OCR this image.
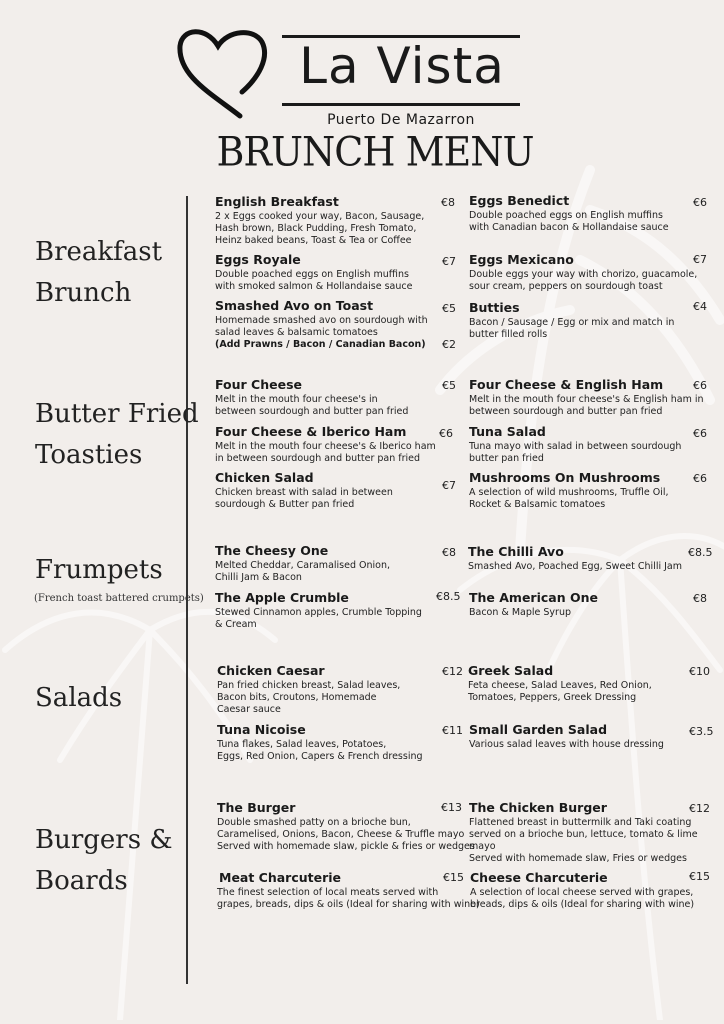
La Vista
Puerto De Mazarron
BRUNCH MENU
Breakfast
Brunch
Butter Fried
Toasties
Frumpets
(French toast battered crumpets)
Salads
Burgers &
Boards
English Breakfast
2 x Eggs cooked your way, Bacon, Sausage,
Hash brown, Black Pudding, Fresh Tomato,
Heinz baked beans, Toast & Tea or Coffee
€8 Eggs Benedict
Double poached eggs on English muffins
with Canadian bacon & Hollandaise sauce
€6
Eggs Royale
Double poached eggs on English muffins
with smoked salmon & Hollandaise sauce
€7 Eggs Mexicano
Double eggs your way with chorizo, guacamole,
sour cream, peppers on sourdough toast
€7
Smashed Avo on Toast
Homemade smashed avo on sourdough with
salad leaves & balsamic tomatoes
€5
(Add Prawns / Bacon / Canadian Bacon) €2
Butties
Bacon / Sausage / Egg or mix and match in
butter filled rolls
€4
Four Cheese
Melt in the mouth four cheese's in
between sourdough and butter pan fried
€5 Four Cheese & English Ham
Melt in the mouth four cheese's & English ham in
between sourdough and butter pan fried
€6
Four Cheese & Iberico Ham
Melt in the mouth four cheese's & Iberico ham
in between sourdough and butter pan fried
€6 Tuna Salad
Tuna mayo with salad in between sourdough
butter pan fried
€6
Chicken Salad
Chicken breast with salad in between
sourdough & Butter pan fried
€7
Mushrooms On Mushrooms
A selection of wild mushrooms, Truffle Oil,
Rocket & Balsamic tomatoes
€6
The Cheesy One
Melted Cheddar, Caramalised Onion,
Chilli Jam & Bacon
€8 The Chilli Avo
Smashed Avo, Poached Egg, Sweet Chilli Jam
€8.5
The Apple Crumble
Stewed Cinnamon apples, Crumble Topping
& Cream
€8.5 The American One
Bacon & Maple Syrup
€8
Chicken Caesar
Pan fried chicken breast, Salad leaves,
Bacon bits, Croutons, Homemade
Caesar sauce
€12 Greek Salad
Feta cheese, Salad Leaves, Red Onion,
Tomatoes, Peppers, Greek Dressing
€10
Tuna Nicoise
Tuna flakes, Salad leaves, Potatoes,
Eggs, Red Onion, Capers & French dressing
€11 Small Garden Salad
Various salad leaves with house dressing
€3.5
The Burger
Double smashed patty on a brioche bun,
Caramelised, Onions, Bacon, Cheese & Truffle mayo
Served with homemade slaw, pickle & fries or wedges
€13 The Chicken Burger
Flattened breast in buttermilk and Taki coating
served on a brioche bun, lettuce, tomato & lime mayo
Served with homemade slaw, Fries or wedges
€12
Meat Charcuterie
The finest selection of local meats served with
grapes, breads, dips & oils (Ideal for sharing with wine)
€15 Cheese Charcuterie
A selection of local cheese served with grapes,
breads, dips & oils (Ideal for sharing with wine)
€15
